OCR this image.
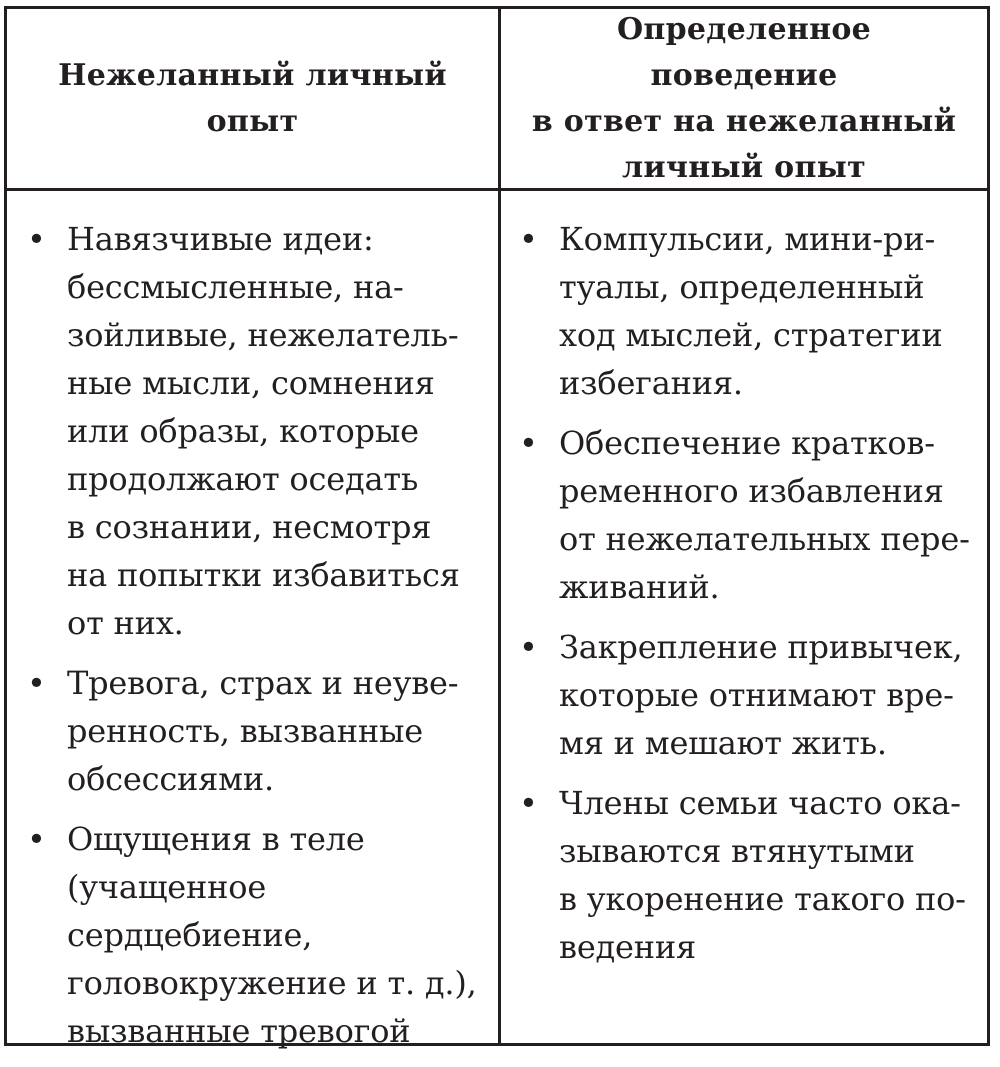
Нежеланный личный
опыт
Определенное поведение
в ответ на нежеланный
личный опыт
• Навязчивые идеи:
бессмысленные, на-
зойливые, нежелатель-
ные мысли, сомнения
или образы, которые
продолжают оседать
в сознании, несмотря
на попытки избавиться
от них.
• Тревога, страх и неуве-
ренность, вызванные
обсессиями.
• Ощущения в теле
(учащенное
сердцебиение,
головокружение и т. д.),
вызванные тревогой
• Компульсии, мини-ри-
туалы, определенный
ход мыслей, стратегии
избегания.
• Обеспечение кратков-
ременного избавления
от нежелательных пере-
живаний.
• Закрепление привычек,
которые отнимают вре-
мя и мешают жить.
• Члены семьи часто ока-
зываются втянутыми
в укоренение такого по-
ведения
